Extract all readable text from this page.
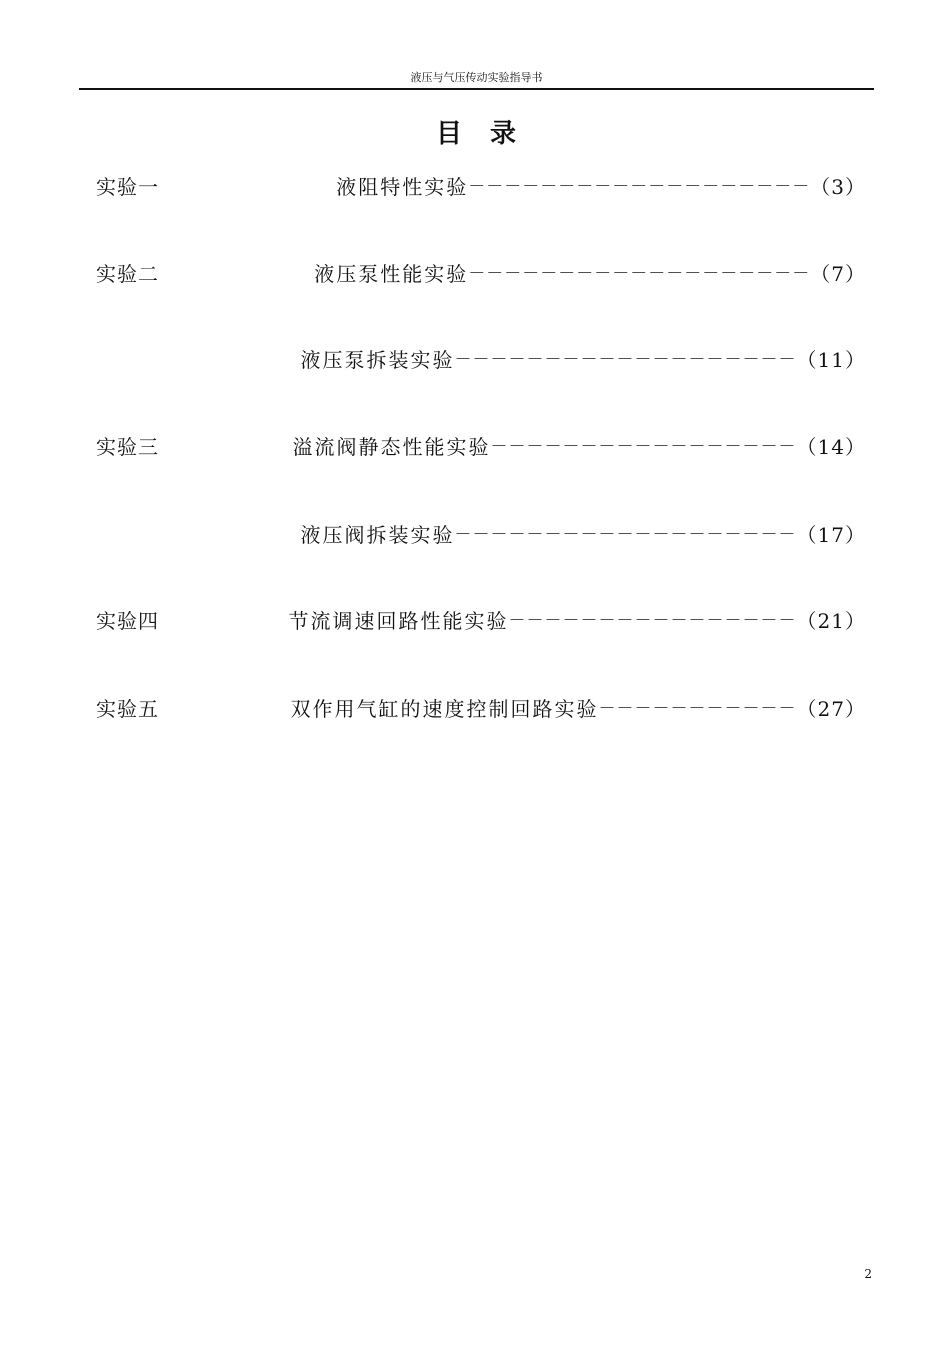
液压与气压传动实验指导书
目录
实验一	液阻特性实验 －－－－－－－－－－－－－－－－－－－ （3）
实验二	液压泵性能实验 －－－－－－－－－－－－－－－－－－－ （7）
液压泵拆装实验 －－－－－－－－－－－－－－－－－－－ （11）
实验三	溢流阀静态性能实验 －－－－－－－－－－－－－－－－－ （14）
液压阀拆装实验 －－－－－－－－－－－－－－－－－－－ （17）
实验四	节流调速回路性能实验 －－－－－－－－－－－－－－－－ （21）
实验五	双作用气缸的速度控制回路实验 －－－－－－－－－－－ （27）
2
